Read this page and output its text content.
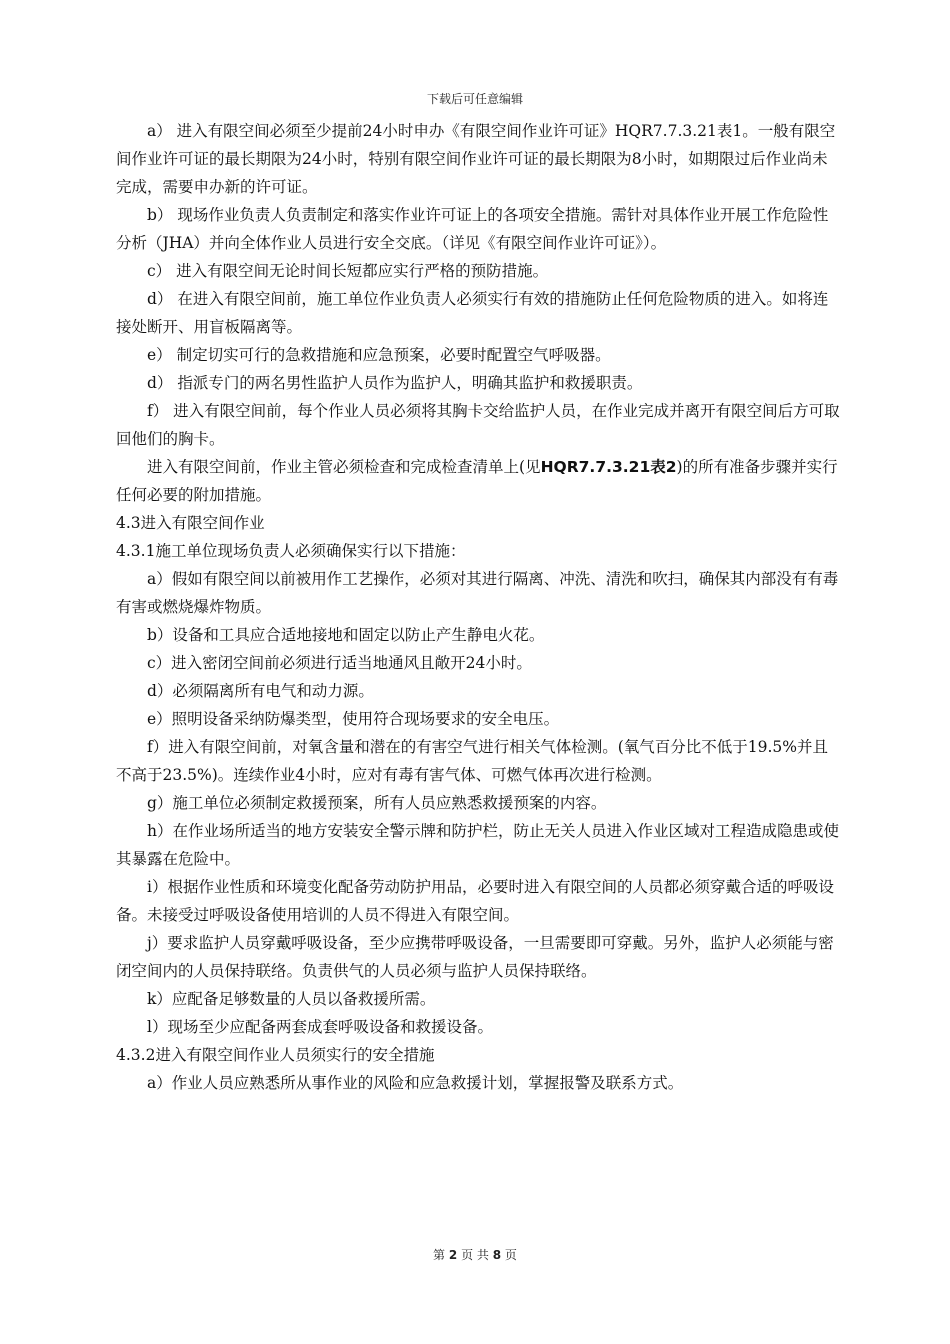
下载后可任意编辑

a） 进入有限空间必须至少提前24小时申办《有限空间作业许可证》HQR7.7.3.21表1。一般有限空间作业许可证的最长期限为24小时，特别有限空间作业许可证的最长期限为8小时，如期限过后作业尚未完成，需要申办新的许可证。

b） 现场作业负责人负责制定和落实作业许可证上的各项安全措施。需针对具体作业开展工作危险性分析（JHA）并向全体作业人员进行安全交底。（详见《有限空间作业许可证》）。

c） 进入有限空间无论时间长短都应实行严格的预防措施。

d） 在进入有限空间前，施工单位作业负责人必须实行有效的措施防止任何危险物质的进入。如将连接处断开、用盲板隔离等。

e） 制定切实可行的急救措施和应急预案，必要时配置空气呼吸器。

d） 指派专门的两名男性监护人员作为监护人，明确其监护和救援职责。

f） 进入有限空间前，每个作业人员必须将其胸卡交给监护人员，在作业完成并离开有限空间后方可取回他们的胸卡。

进入有限空间前，作业主管必须检查和完成检查清单上(见HQR7.7.3.21表2)的所有准备步骤并实行任何必要的附加措施。

4.3进入有限空间作业

4.3.1施工单位现场负责人必须确保实行以下措施：

a）假如有限空间以前被用作工艺操作，必须对其进行隔离、冲洗、清洗和吹扫，确保其内部没有有毒有害或燃烧爆炸物质。

b）设备和工具应合适地接地和固定以防止产生静电火花。

c）进入密闭空间前必须进行适当地通风且敞开24小时。

d）必须隔离所有电气和动力源。

e）照明设备采纳防爆类型，使用符合现场要求的安全电压。

f）进入有限空间前，对氧含量和潜在的有害空气进行相关气体检测。(氧气百分比不低于19.5%并且不高于23.5%)。连续作业4小时，应对有毒有害气体、可燃气体再次进行检测。

g）施工单位必须制定救援预案，所有人员应熟悉救援预案的内容。

h）在作业场所适当的地方安装安全警示牌和防护栏，防止无关人员进入作业区域对工程造成隐患或使其暴露在危险中。

i）根据作业性质和环境变化配备劳动防护用品，必要时进入有限空间的人员都必须穿戴合适的呼吸设备。未接受过呼吸设备使用培训的人员不得进入有限空间。

j）要求监护人员穿戴呼吸设备，至少应携带呼吸设备，一旦需要即可穿戴。另外，监护人必须能与密闭空间内的人员保持联络。负责供气的人员必须与监护人员保持联络。

k）应配备足够数量的人员以备救援所需。

l）现场至少应配备两套成套呼吸设备和救援设备。

4.3.2进入有限空间作业人员须实行的安全措施

a）作业人员应熟悉所从事作业的风险和应急救援计划，掌握报警及联系方式。

第 2 页 共 8 页
